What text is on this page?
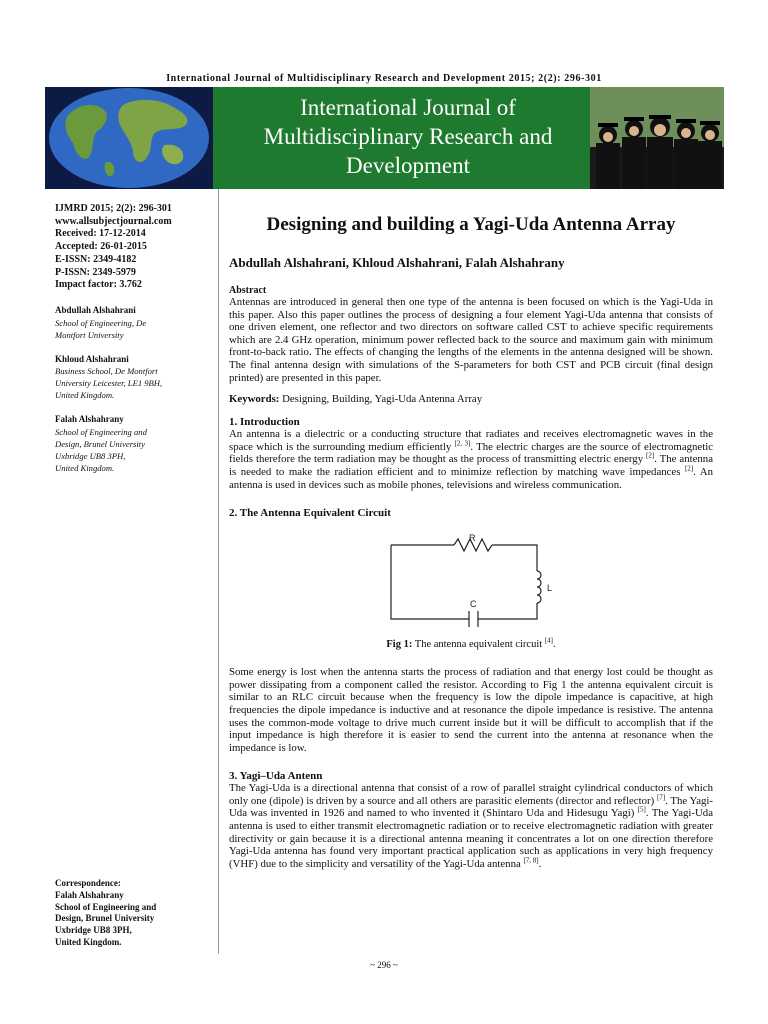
International Journal of Multidisciplinary Research and Development 2015; 2(2): 296-301
International Journal of
Multidisciplinary Research and
Development
IJMRD 2015; 2(2): 296-301
www.allsubjectjournal.com
Received: 17-12-2014
Accepted: 26-01-2015
E-ISSN: 2349-4182
P-ISSN: 2349-5979
Impact factor: 3.762
Abdullah Alshahrani
School of Engineering, De
Montfort University
Khloud Alshahrani
Business School, De Montfort
University Leicester, LE1 9BH,
United Kingdom.
Falah Alshahrany
School of Engineering and
Design, Brunel University
Uxbridge UB8 3PH,
United Kingdom.
Correspondence:
Falah Alshahrany
School of Engineering and
Design, Brunel University
Uxbridge UB8 3PH,
United Kingdom.
Designing and building a Yagi-Uda Antenna Array
Abdullah Alshahrani, Khloud Alshahrani, Falah Alshahrany
Abstract

Antennas are introduced in general then one type of the antenna is been focused on which is the Yagi-Uda in this paper. Also this paper outlines the process of designing a four element Yagi-Uda antenna that consists of one driven element, one reflector and two directors on software called CST to achieve specific requirements which are 2.4 GHz operation, minimum power reflected back to the source and maximum gain with minimum front-to-back ratio. The effects of changing the lengths of the elements in the antenna designed will be shown. The final antenna design with simulations of the S-parameters for both CST and PCB circuit (final design printed) are presented in this paper.

Keywords: Designing, Building, Yagi-Uda Antenna Array
1. Introduction

An antenna is a dielectric or a conducting structure that radiates and receives electromagnetic waves in the space which is the surrounding medium efficiently [2, 3]. The electric charges are the source of electromagnetic fields therefore the term radiation may be thought as the process of transmitting electric energy [2]. The antenna is needed to make the radiation efficient and to minimize reflection by matching wave impedances [2]. An antenna is used in devices such as mobile phones, televisions and wireless communication.

2. The Antenna Equivalent Circuit
R
L
C
Fig 1: The antenna equivalent circuit [4].

Some energy is lost when the antenna starts the process of radiation and that energy lost could be thought as power dissipating from a component called the resistor. According to Fig 1 the antenna equivalent circuit is similar to an RLC circuit because when the frequency is low the dipole impedance is capacitive, at high frequencies the dipole impedance is inductive and at resonance the dipole impedance is resistive. The antenna uses the common-mode voltage to drive much current inside but it will be difficult to accomplish that if the input impedance is high therefore it is easier to send the current into the antenna at resonance when the impedance is low.

3. Yagi–Uda Antenn

The Yagi-Uda is a directional antenna that consist of a row of parallel straight cylindrical conductors of which only one (dipole) is driven by a source and all others are parasitic elements (director and reflector) [7]. The Yagi-Uda was invented in 1926 and named to who invented it (Shintaro Uda and Hidesugu Yagi) [5]. The Yagi-Uda antenna is used to either transmit electromagnetic radiation or to receive electromagnetic radiation with greater directivity or gain because it is a directional antenna meaning it concentrates a lot on one direction therefore Yagi-Uda antenna has found very important practical application such as applications in very high frequency (VHF) due to the simplicity and versatility of the Yagi-Uda antenna [7, 8].

~ 296 ~
